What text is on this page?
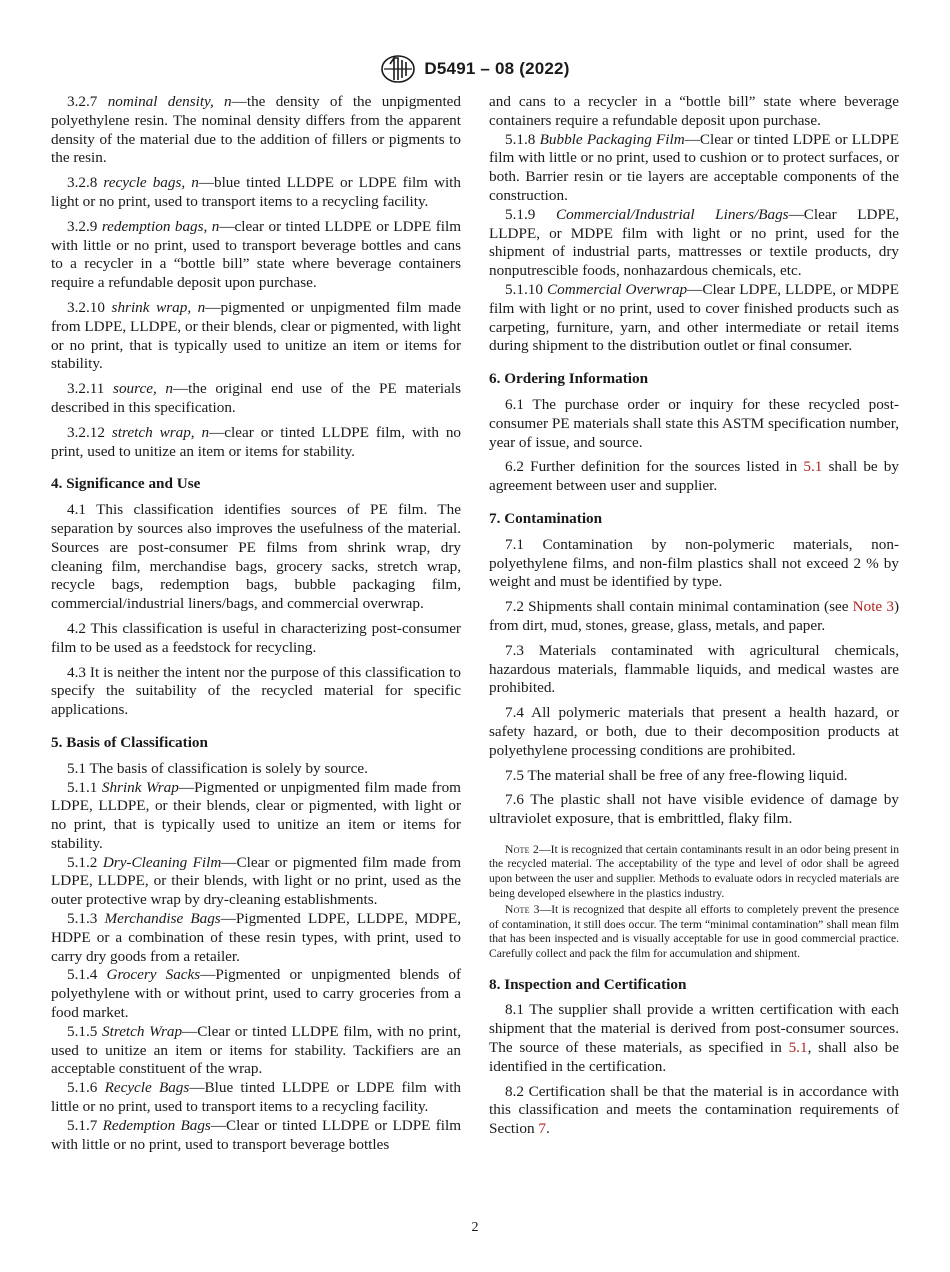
D5491 – 08 (2022)

3.2.7 nominal density, n—the density of the unpigmented polyethylene resin. The nominal density differs from the apparent density of the material due to the addition of fillers or pigments to the resin.

3.2.8 recycle bags, n—blue tinted LLDPE or LDPE film with light or no print, used to transport items to a recycling facility.

3.2.9 redemption bags, n—clear or tinted LLDPE or LDPE film with little or no print, used to transport beverage bottles and cans to a recycler in a “bottle bill” state where beverage containers require a refundable deposit upon purchase.

3.2.10 shrink wrap, n—pigmented or unpigmented film made from LDPE, LLDPE, or their blends, clear or pigmented, with light or no print, that is typically used to unitize an item or items for stability.

3.2.11 source, n—the original end use of the PE materials described in this specification.

3.2.12 stretch wrap, n—clear or tinted LLDPE film, with no print, used to unitize an item or items for stability.

4. Significance and Use

4.1 This classification identifies sources of PE film. The separation by sources also improves the usefulness of the material. Sources are post-consumer PE films from shrink wrap, dry cleaning film, merchandise bags, grocery sacks, stretch wrap, recycle bags, redemption bags, bubble packaging film, commercial/industrial liners/bags, and commercial overwrap.

4.2 This classification is useful in characterizing post-consumer film to be used as a feedstock for recycling.

4.3 It is neither the intent nor the purpose of this classification to specify the suitability of the recycled material for specific applications.

5. Basis of Classification

5.1 The basis of classification is solely by source.

5.1.1 Shrink Wrap—Pigmented or unpigmented film made from LDPE, LLDPE, or their blends, clear or pigmented, with light or no print, that is typically used to unitize an item or items for stability.

5.1.2 Dry-Cleaning Film—Clear or pigmented film made from LDPE, LLDPE, or their blends, with light or no print, used as the outer protective wrap by dry-cleaning establishments.

5.1.3 Merchandise Bags—Pigmented LDPE, LLDPE, MDPE, HDPE or a combination of these resin types, with print, used to carry dry goods from a retailer.

5.1.4 Grocery Sacks—Pigmented or unpigmented blends of polyethylene with or without print, used to carry groceries from a food market.

5.1.5 Stretch Wrap—Clear or tinted LLDPE film, with no print, used to unitize an item or items for stability. Tackifiers are an acceptable constituent of the wrap.

5.1.6 Recycle Bags—Blue tinted LLDPE or LDPE film with little or no print, used to transport items to a recycling facility.

5.1.7 Redemption Bags—Clear or tinted LLDPE or LDPE film with little or no print, used to transport beverage bottles

and cans to a recycler in a “bottle bill” state where beverage containers require a refundable deposit upon purchase.

5.1.8 Bubble Packaging Film—Clear or tinted LDPE or LLDPE film with little or no print, used to cushion or to protect surfaces, or both. Barrier resin or tie layers are acceptable components of the construction.

5.1.9 Commercial/Industrial Liners/Bags—Clear LDPE, LLDPE, or MDPE film with light or no print, used for the shipment of industrial parts, mattresses or textile products, dry nonputrescible foods, nonhazardous chemicals, etc.

5.1.10 Commercial Overwrap—Clear LDPE, LLDPE, or MDPE film with light or no print, used to cover finished products such as carpeting, furniture, yarn, and other intermediate or retail items during shipment to the distribution outlet or final consumer.

6. Ordering Information

6.1 The purchase order or inquiry for these recycled post-consumer PE materials shall state this ASTM specification number, year of issue, and source.

6.2 Further definition for the sources listed in 5.1 shall be by agreement between user and supplier.

7. Contamination

7.1 Contamination by non-polymeric materials, non-polyethylene films, and non-film plastics shall not exceed 2 % by weight and must be identified by type.

7.2 Shipments shall contain minimal contamination (see Note 3) from dirt, mud, stones, grease, glass, metals, and paper.

7.3 Materials contaminated with agricultural chemicals, hazardous materials, flammable liquids, and medical wastes are prohibited.

7.4 All polymeric materials that present a health hazard, or safety hazard, or both, due to their decomposition products at polyethylene processing conditions are prohibited.

7.5 The material shall be free of any free-flowing liquid.

7.6 The plastic shall not have visible evidence of damage by ultraviolet exposure, that is embrittled, flaky film.

Note 2—It is recognized that certain contaminants result in an odor being present in the recycled material. The acceptability of the type and level of odor shall be agreed upon between the user and supplier. Methods to evaluate odors in recycled materials are being developed elsewhere in the plastics industry.

Note 3—It is recognized that despite all efforts to completely prevent the presence of contamination, it still does occur. The term “minimal contamination” shall mean film that has been inspected and is visually acceptable for use in good commercial practice. Carefully collect and pack the film for accumulation and shipment.

8. Inspection and Certification

8.1 The supplier shall provide a written certification with each shipment that the material is derived from post-consumer sources. The source of these materials, as specified in 5.1, shall also be identified in the certification.

8.2 Certification shall be that the material is in accordance with this classification and meets the contamination requirements of Section 7.

2
